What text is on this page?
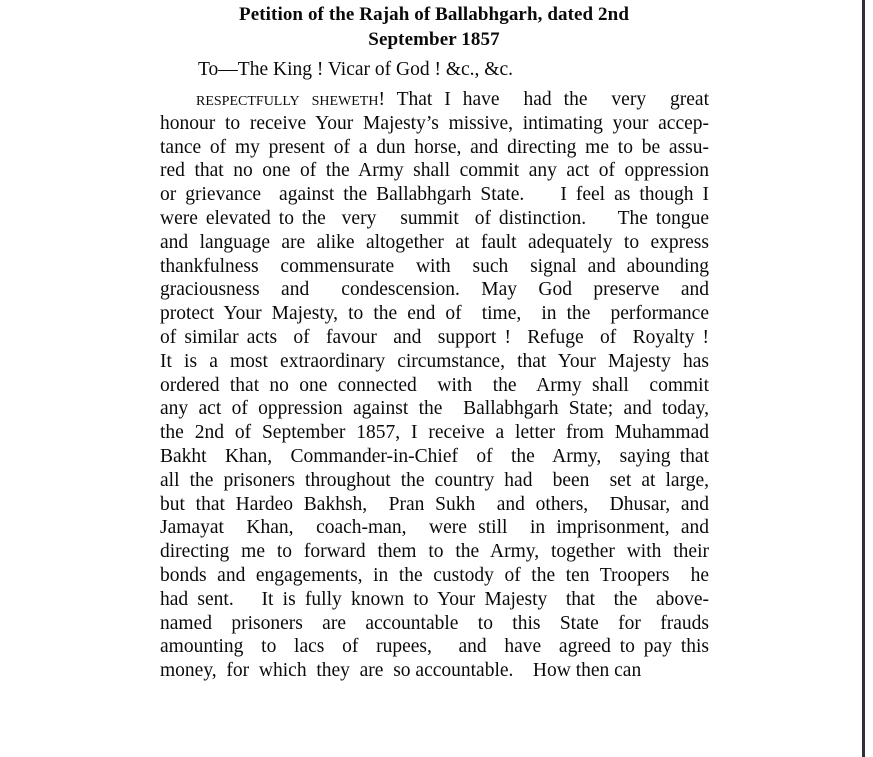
Petition of the Rajah of Ballabhgarh, dated 2nd
September 1857

To—The King ! Vicar of God ! &c., &c.

respectfully sheweth! That I have  had the  very  great
honour to receive Your Majesty’s missive, intimating your accep-
tance of my present of a dun horse, and directing me to be assu-
red that no one of the Army shall commit any act of oppression
or grievance  against the Ballabhgarh State.    I feel as though I
were elevated to the  very   summit  of distinction.    The tongue
and language are alike altogether at fault adequately to express
thankfulness  commensurate  with  such  signal and abounding
graciousness  and   condescension.  May  God  preserve  and
protect Your Majesty, to the end of  time,  in the  performance
of similar acts  of  favour  and  support !  Refuge  of  Royalty !
It is a most extraordinary circumstance, that Your Majesty has
ordered that no one connected  with  the  Army shall  commit
any act of oppression against the  Ballabhgarh State; and today,
the 2nd of September 1857, I receive a letter from Muhammad
Bakht  Khan,  Commander-in-Chief  of  the  Army,  saying that
all the prisoners throughout the country had  been  set at large,
but that Hardeo Bakhsh,  Pran Sukh  and others,  Dhusar, and
Jamayat  Khan,  coach-man,  were still  in imprisonment, and
directing me to forward them to the Army, together with their
bonds and engagements, in the custody of the ten Troopers  he
had sent.   It is fully known to Your Majesty  that  the  above-
named  prisoners  are  accountable  to  this  State  for  frauds
amounting  to  lacs  of  rupees,   and  have  agreed to pay this
money,  for  which  they  are  so accountable.    How then can
